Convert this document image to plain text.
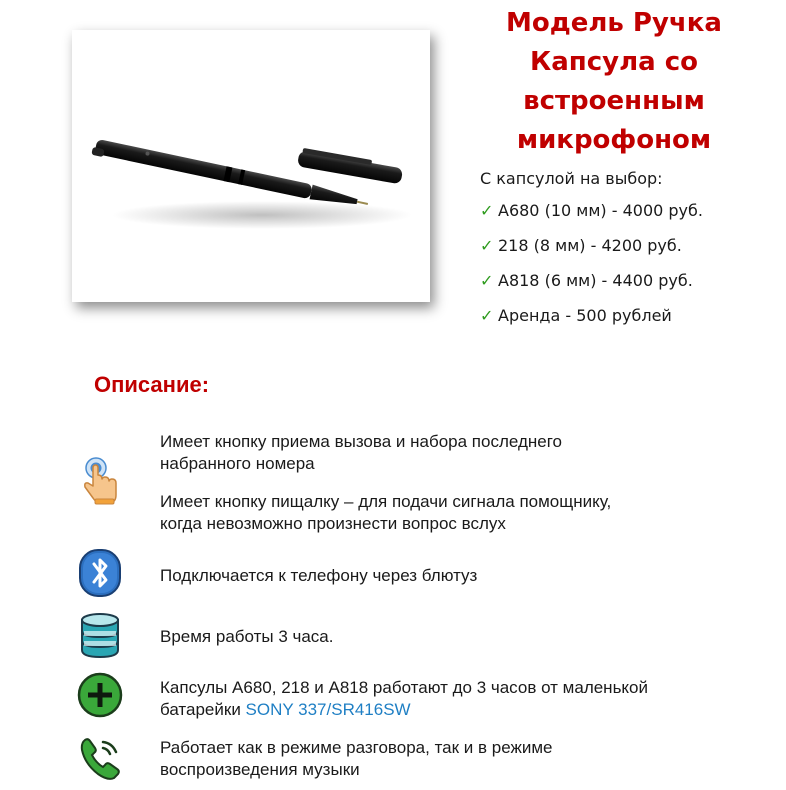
Модель Ручка
Капсула со
встроенным
микрофоном
С капсулой на выбор:
✓ А680 (10 мм) - 4000 руб.
✓ 218 (8 мм) - 4200 руб.
✓ А818 (6 мм) - 4400 руб.
✓ Аренда - 500 рублей
Описание:
Имеет кнопку приема вызова и набора последнего
набранного номера
Имеет кнопку пищалку – для подачи сигнала помощнику,
когда невозможно произнести вопрос вслух
Подключается к телефону через блютуз
Время работы 3 часа.
Капсулы А680, 218 и А818 работают до 3 часов от маленькой
батарейки SONY 337/SR416SW
Работает как в режиме разговора, так и в режиме
воспроизведения музыки
